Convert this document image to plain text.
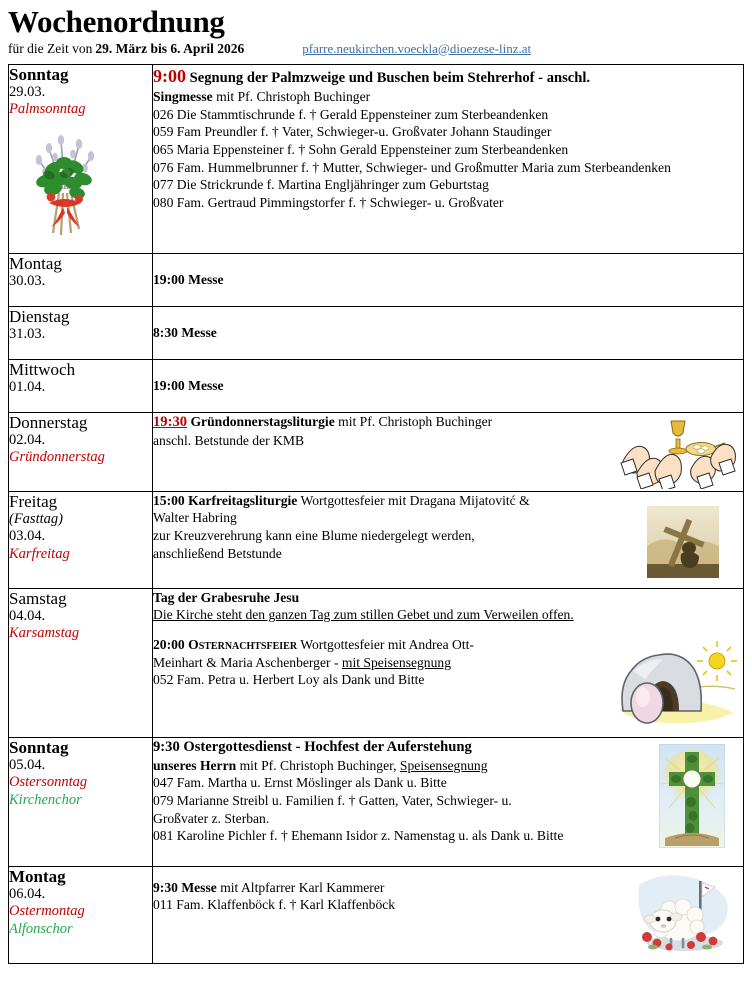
Wochenordnung
für die Zeit von 29. März bis 6. April 2026	pfarre.neukirchen.voeckla@dioezese-linz.at
Sonntag
29.03.
Palmsonntag

9:00 Segnung der Palmzweige und Buschen beim Stehrerhof - anschl.
Singmesse mit Pf. Christoph Buchinger
026 Die Stammtischrunde f. † Gerald Eppensteiner zum Sterbeandenken
059 Fam Preundler f. † Vater, Schwieger-u. Großvater Johann Staudinger
065 Maria Eppensteiner f. † Sohn Gerald Eppensteiner zum Sterbeandenken
076 Fam. Hummelbrunner f. † Mutter, Schwieger- und Großmutter Maria zum Sterbeandenken
077 Die Strickrunde f. Martina Engljähringer zum Geburtstag
080 Fam. Gertraud Pimmingstorfer f. † Schwieger- u. Großvater

Montag
30.03.	19:00 Messe

Dienstag
31.03.	8:30 Messe

Mittwoch
01.04.	19:00 Messe

Donnerstag
02.04.
Gründonnerstag

19:30 Gründonnerstagsliturgie mit Pf. Christoph Buchinger
anschl. Betstunde der KMB

Freitag
(Fasttag)
03.04.
Karfreitag

15:00 Karfreitagsliturgie Wortgottesfeier mit Dragana Mijatovitć &
Walter Habring
zur Kreuzverehrung kann eine Blume niedergelegt werden,
anschließend Betstunde

Samstag
04.04.
Karsamstag

Tag der Grabesruhe Jesu
Die Kirche steht den ganzen Tag zum stillen Gebet und zum Verweilen offen.
20:00 Osternachtsfeier Wortgottesfeier mit Andrea Ott-
Meinhart & Maria Aschenberger - mit Speisensegnung
052 Fam. Petra u. Herbert Loy als Dank und Bitte

Sonntag
05.04.
Ostersonntag
Kirchenchor

9:30 Ostergottesdienst - Hochfest der Auferstehung
unseres Herrn mit Pf. Christoph Buchinger, Speisensegnung
047 Fam. Martha u. Ernst Möslinger als Dank u. Bitte
079 Marianne Streibl u. Familien f. † Gatten, Vater, Schwieger- u.
Großvater z. Sterban.
081 Karoline Pichler f. † Ehemann Isidor z. Namenstag u. als Dank u. Bitte

Montag
06.04.
Ostermontag
Alfonschor

9:30 Messe mit Altpfarrer Karl Kammerer
011 Fam. Klaffenböck f. † Karl Klaffenböck
